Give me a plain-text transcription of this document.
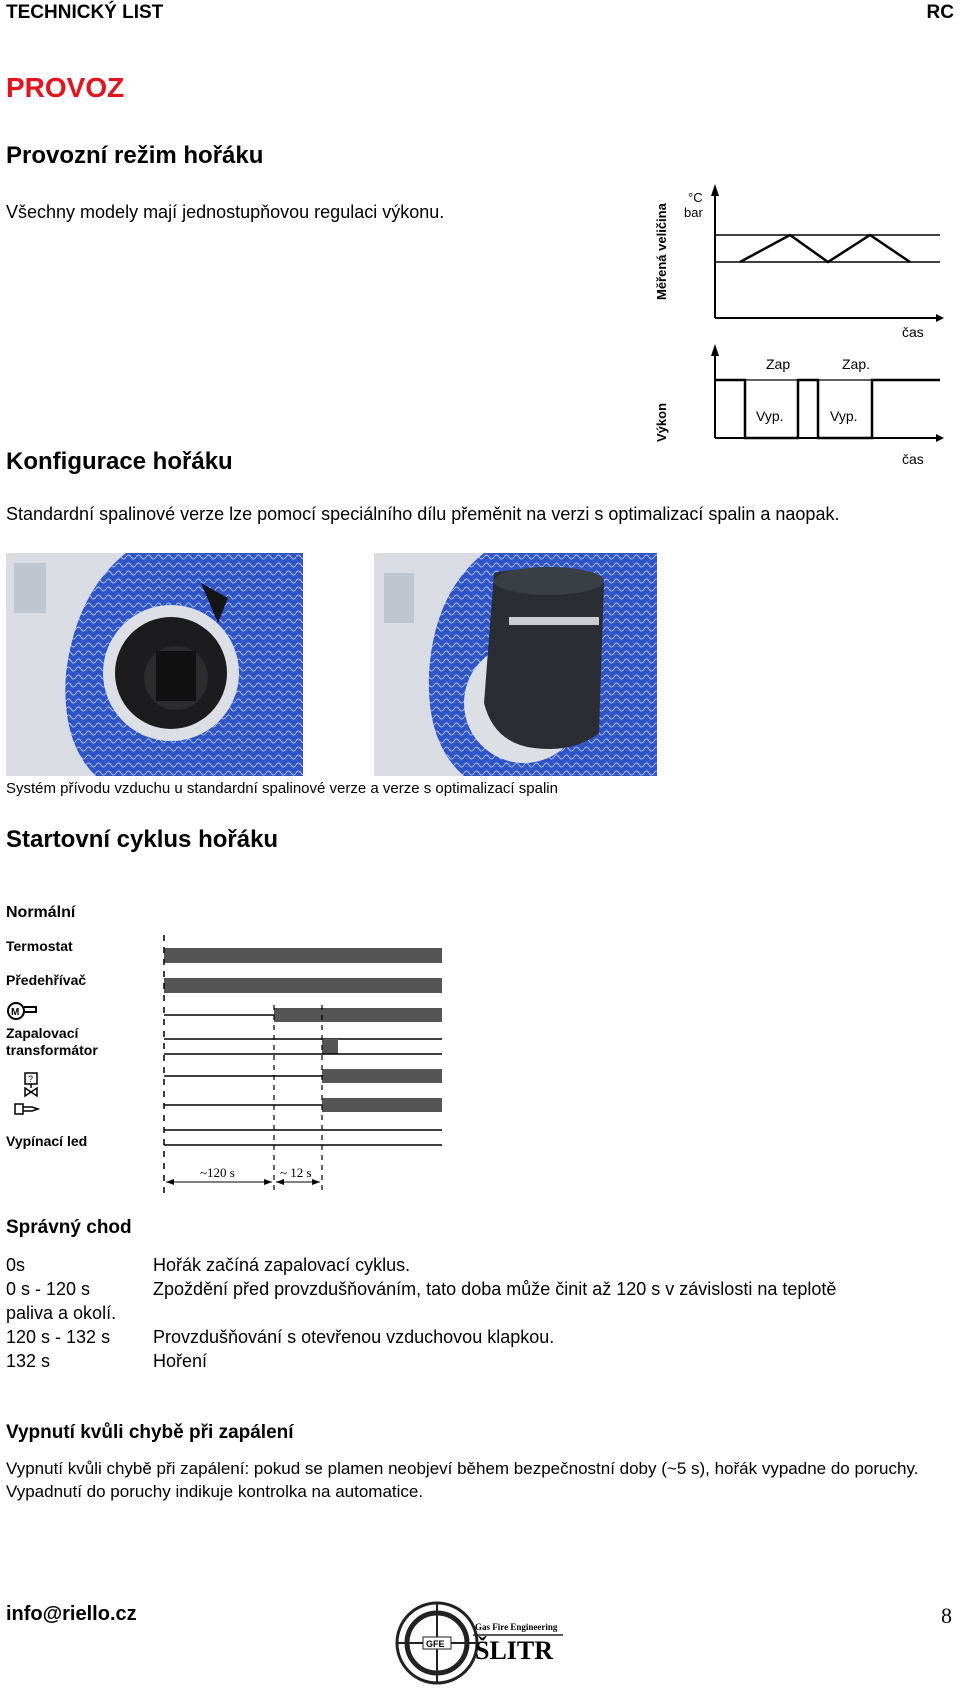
TECHNICKÝ LIST	RC
PROVOZ
Provozní režim hořáku
Všechny modely mají jednostupňovou regulaci výkonu.	Měřená veličina
°C
bar
čas
Výkon
Zap	Zap.
Vyp.	Vyp.
čas
Konfigurace hořáku
Standardní spalinové verze lze pomocí speciálního dílu přeměnit na verzi s optimalizací spalin a naopak.
Systém přívodu vzduchu u standardní spalinové verze a verze s optimalizací spalin
Startovní cyklus hořáku
Normální
Termostat
Předehřívač
M
Zapalovací transformátor
?
Vypínací led
~120 s	~ 12 s
Správný chod
0s	Hořák začíná zapalovací cyklus.
0 s - 120 s	Zpoždění před provzdušňováním, tato doba může činit až 120 s v závislosti na teplotě
paliva a okolí.
120 s - 132 s Provzdušňování s otevřenou vzduchovou klapkou.
132 s	Hoření
Vypnutí kvůli chybě při zapálení
Vypnutí kvůli chybě při zapálení: pokud se plamen neobjeví během bezpečnostní doby (~5 s), hořák vypadne do poruchy. Vypadnutí do poruchy indikuje kontrolka na automatice.
info@riello.cz	8
GFE
Gas Fire Engineering
ŠLITR
